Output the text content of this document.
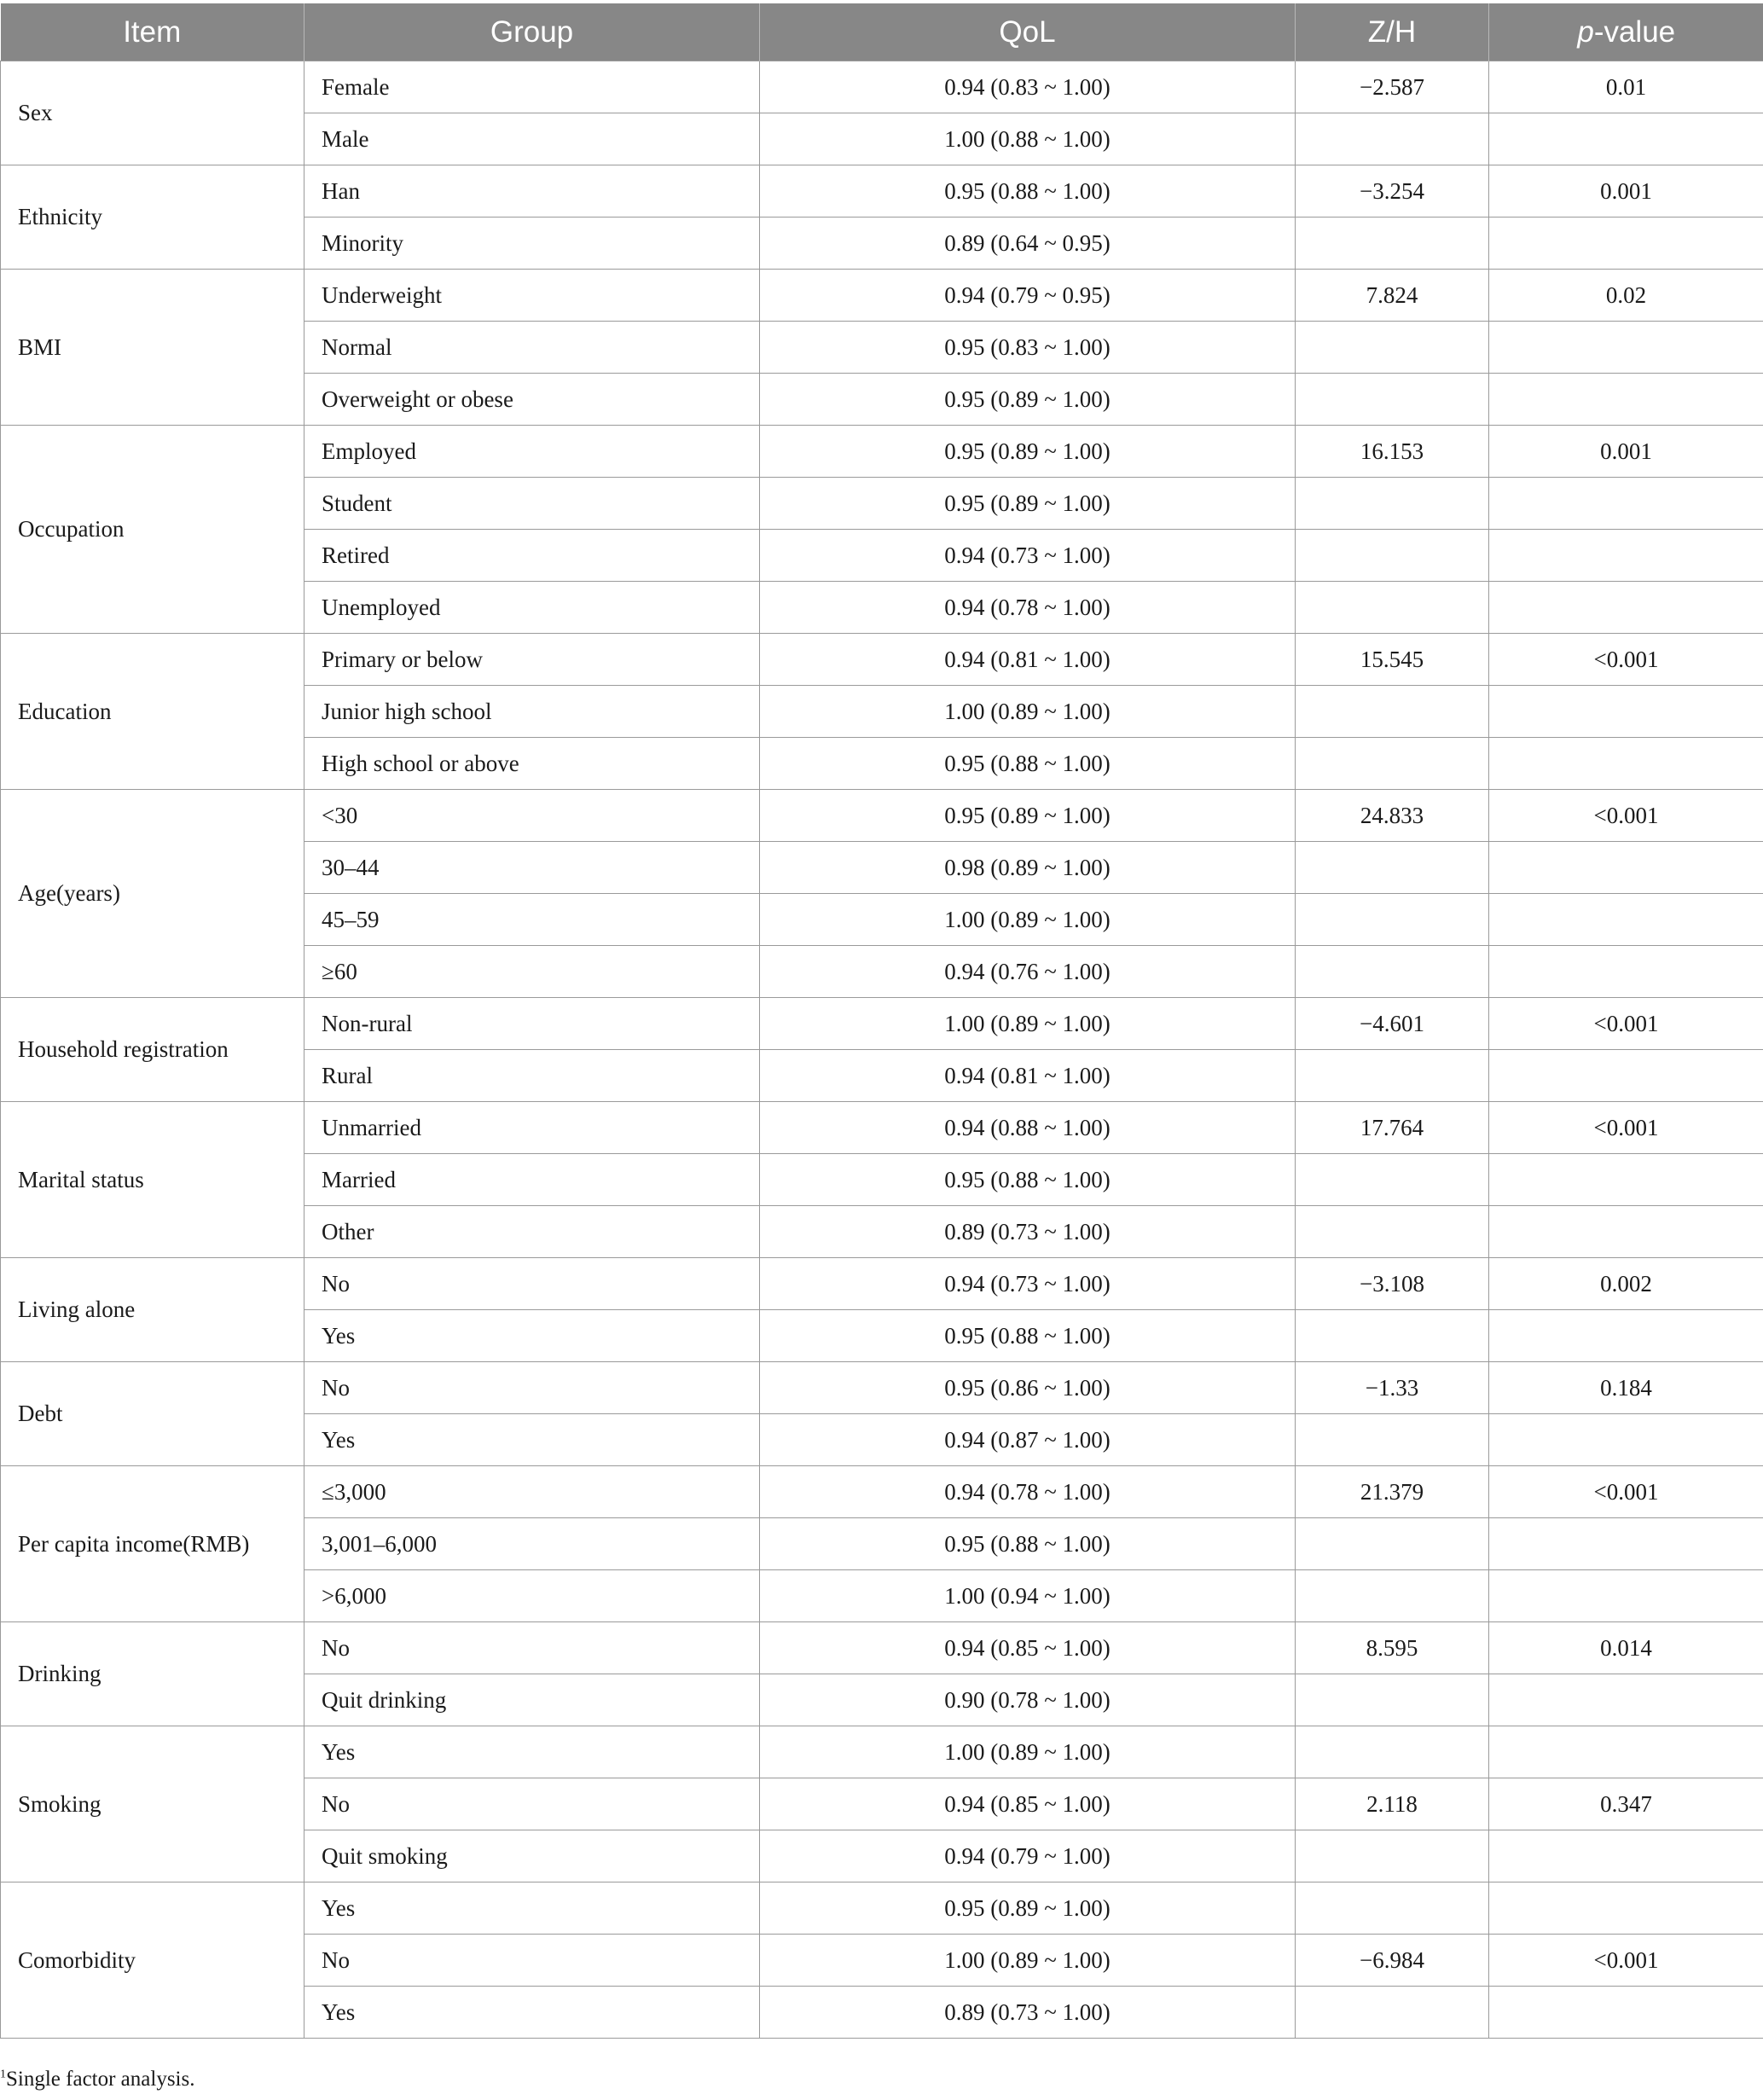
Item	Group	QoL	Z/H	p-value
Sex	Female	0.94 (0.83 ~ 1.00)	−2.587	0.01
	Male	1.00 (0.88 ~ 1.00)		
Ethnicity	Han	0.95 (0.88 ~ 1.00)	−3.254	0.001
	Minority	0.89 (0.64 ~ 0.95)		
BMI	Underweight	0.94 (0.79 ~ 0.95)	7.824	0.02
	Normal	0.95 (0.83 ~ 1.00)		
	Overweight or obese	0.95 (0.89 ~ 1.00)		
Occupation	Employed	0.95 (0.89 ~ 1.00)	16.153	0.001
	Student	0.95 (0.89 ~ 1.00)		
	Retired	0.94 (0.73 ~ 1.00)		
	Unemployed	0.94 (0.78 ~ 1.00)		
Education	Primary or below	0.94 (0.81 ~ 1.00)	15.545	<0.001
	Junior high school	1.00 (0.89 ~ 1.00)		
	High school or above	0.95 (0.88 ~ 1.00)		
Age(years)	<30	0.95 (0.89 ~ 1.00)	24.833	<0.001
	30–44	0.98 (0.89 ~ 1.00)		
	45–59	1.00 (0.89 ~ 1.00)		
	≥60	0.94 (0.76 ~ 1.00)		
Household registration	Non-rural	1.00 (0.89 ~ 1.00)	−4.601	<0.001
	Rural	0.94 (0.81 ~ 1.00)		
Marital status	Unmarried	0.94 (0.88 ~ 1.00)	17.764	<0.001
	Married	0.95 (0.88 ~ 1.00)		
	Other	0.89 (0.73 ~ 1.00)		
Living alone	No	0.94 (0.73 ~ 1.00)	−3.108	0.002
	Yes	0.95 (0.88 ~ 1.00)		
Debt	No	0.95 (0.86 ~ 1.00)	−1.33	0.184
	Yes	0.94 (0.87 ~ 1.00)		
Per capita income(RMB)	≤3,000	0.94 (0.78 ~ 1.00)	21.379	<0.001
	3,001–6,000	0.95 (0.88 ~ 1.00)		
	>6,000	1.00 (0.94 ~ 1.00)		
Drinking	No	0.94 (0.85 ~ 1.00)	8.595	0.014
	Quit drinking	0.90 (0.78 ~ 1.00)		
Smoking	Yes	1.00 (0.89 ~ 1.00)		
	No	0.94 (0.85 ~ 1.00)	2.118	0.347
	Quit smoking	0.94 (0.79 ~ 1.00)		
Comorbidity	Yes	0.95 (0.89 ~ 1.00)		
	No	1.00 (0.89 ~ 1.00)	−6.984	<0.001
	Yes	0.89 (0.73 ~ 1.00)		
$^1$Single factor analysis.
